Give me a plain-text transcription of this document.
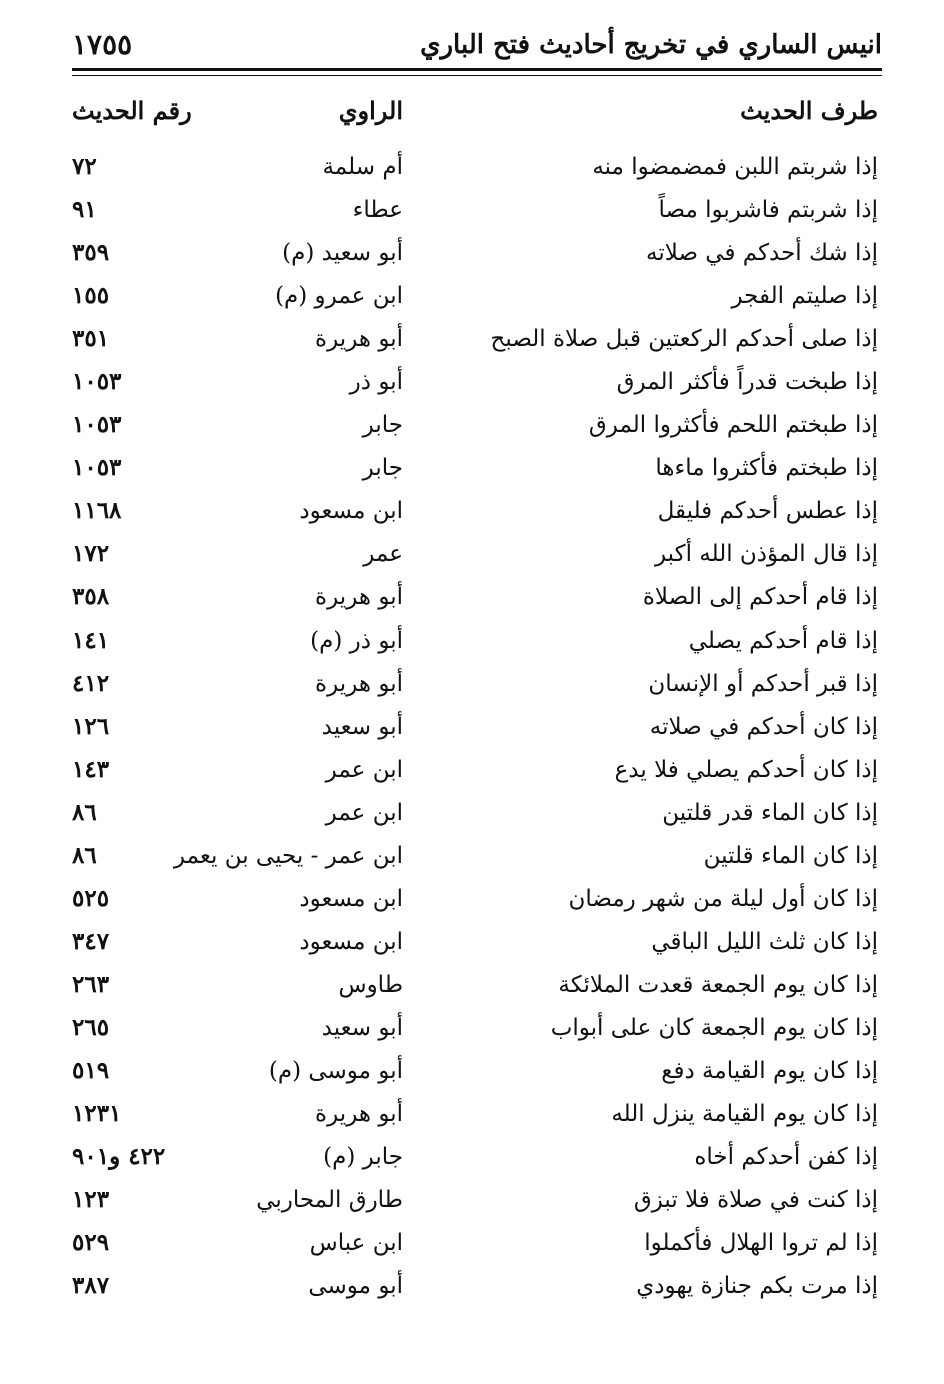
انيس الساري في تخريج أحاديث فتح الباري
١٧٥٥
طرف الحديث
الراوي
رقم الحديث
إذا شربتم اللبن فمضمضوا منه
أم سلمة
٧٢
إذا شربتم فاشربوا مصاً
عطاء
٩١
إذا شك أحدكم في صلاته
أبو سعيد (م)
٣٥٩
إذا صليتم الفجر
ابن عمرو (م)
١٥٥
إذا صلى أحدكم الركعتين قبل صلاة الصبح
أبو هريرة
٣٥١
إذا طبخت قدراً فأكثر المرق
أبو ذر
١٠٥٣
إذا طبختم اللحم فأكثروا المرق
جابر
١٠٥٣
إذا طبختم فأكثروا ماءها
جابر
١٠٥٣
إذا عطس أحدكم فليقل
ابن مسعود
١١٦٨
إذا قال المؤذن الله أكبر
عمر
١٧٢
إذا قام أحدكم إلى الصلاة
أبو هريرة
٣٥٨
إذا قام أحدكم يصلي
أبو ذر (م)
١٤١
إذا قبر أحدكم أو الإنسان
أبو هريرة
٤١٢
إذا كان أحدكم في صلاته
أبو سعيد
١٢٦
إذا كان أحدكم يصلي فلا يدع
ابن عمر
١٤٣
إذا كان الماء قدر قلتين
ابن عمر
٨٦
إذا كان الماء قلتين
ابن عمر - يحيى بن يعمر
٨٦
إذا كان أول ليلة من شهر رمضان
ابن مسعود
٥٢٥
إذا كان ثلث الليل الباقي
ابن مسعود
٣٤٧
إذا كان يوم الجمعة قعدت الملائكة
طاوس
٢٦٣
إذا كان يوم الجمعة كان على أبواب
أبو سعيد
٢٦٥
إذا كان يوم القيامة دفع
أبو موسى (م)
٥١٩
إذا كان يوم القيامة ينزل الله
أبو هريرة
١٢٣١
إذا كفن أحدكم أخاه
جابر (م)
٤٢٢ و٩٠١
إذا كنت في صلاة فلا تبزق
طارق المحاربي
١٢٣
إذا لم تروا الهلال فأكملوا
ابن عباس
٥٢٩
إذا مرت بكم جنازة يهودي
أبو موسى
٣٨٧
